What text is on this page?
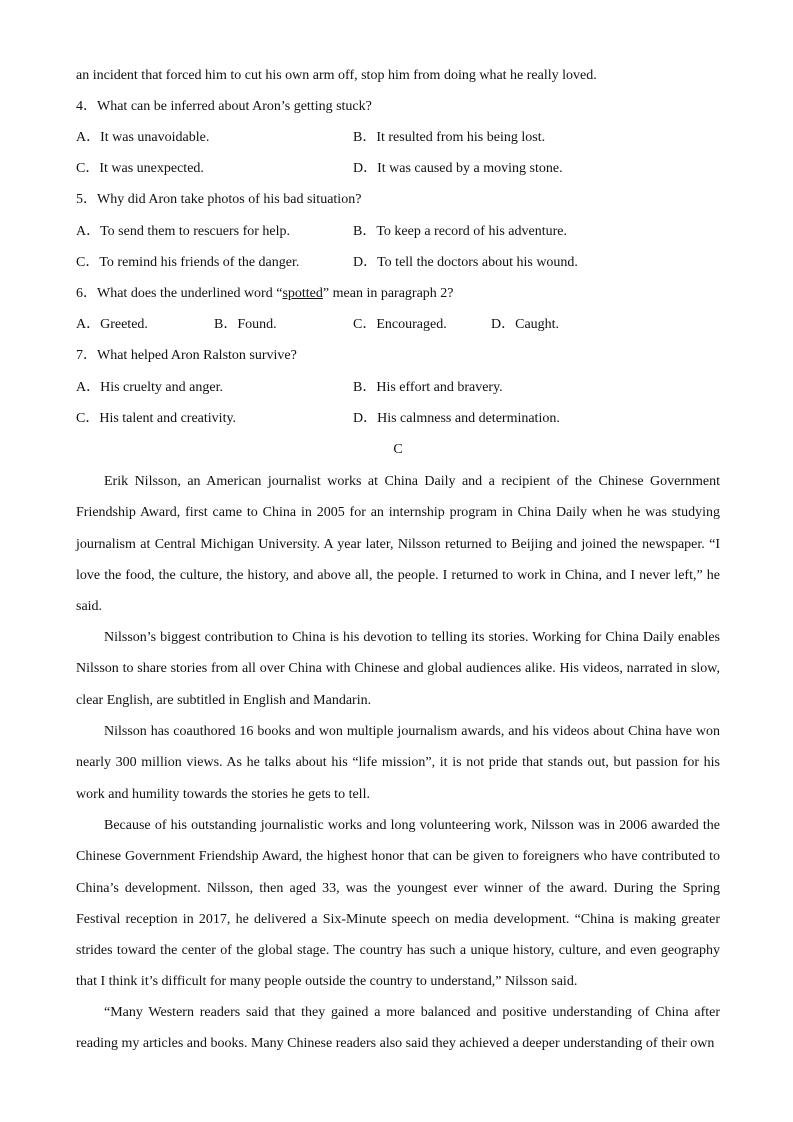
an incident that forced him to cut his own arm off, stop him from doing what he really loved.
4．What can be inferred about Aron’s getting stuck?
A．It was unavoidable.	B．It resulted from his being lost.
C．It was unexpected.	D．It was caused by a moving stone.
5．Why did Aron take photos of his bad situation?
A．To send them to rescuers for help.	B．To keep a record of his adventure.
C．To remind his friends of the danger.	D．To tell the doctors about his wound.
6．What does the underlined word “spotted” mean in paragraph 2?
A．Greeted.	B．Found.	C．Encouraged.	D．Caught.
7．What helped Aron Ralston survive?
A．His cruelty and anger.	B．His effort and bravery.
C．His talent and creativity.	D．His calmness and determination.
C
Erik Nilsson, an American journalist works at China Daily and a recipient of the Chinese Government Friendship Award, first came to China in 2005 for an internship program in China Daily when he was studying journalism at Central Michigan University. A year later, Nilsson returned to Beijing and joined the newspaper. “I love the food, the culture, the history, and above all, the people. I returned to work in China, and I never left,” he said.
Nilsson’s biggest contribution to China is his devotion to telling its stories. Working for China Daily enables Nilsson to share stories from all over China with Chinese and global audiences alike. His videos, narrated in slow, clear English, are subtitled in English and Mandarin.
Nilsson has coauthored 16 books and won multiple journalism awards, and his videos about China have won nearly 300 million views. As he talks about his “life mission”, it is not pride that stands out, but passion for his work and humility towards the stories he gets to tell.
Because of his outstanding journalistic works and long volunteering work, Nilsson was in 2006 awarded the Chinese Government Friendship Award, the highest honor that can be given to foreigners who have contributed to China’s development. Nilsson, then aged 33, was the youngest ever winner of the award. During the Spring Festival reception in 2017, he delivered a Six-Minute speech on media development. “China is making greater strides toward the center of the global stage. The country has such a unique history, culture, and even geography that I think it’s difficult for many people outside the country to understand,” Nilsson said.
“Many Western readers said that they gained a more balanced and positive understanding of China after reading my articles and books. Many Chinese readers also said they achieved a deeper understanding of their own
